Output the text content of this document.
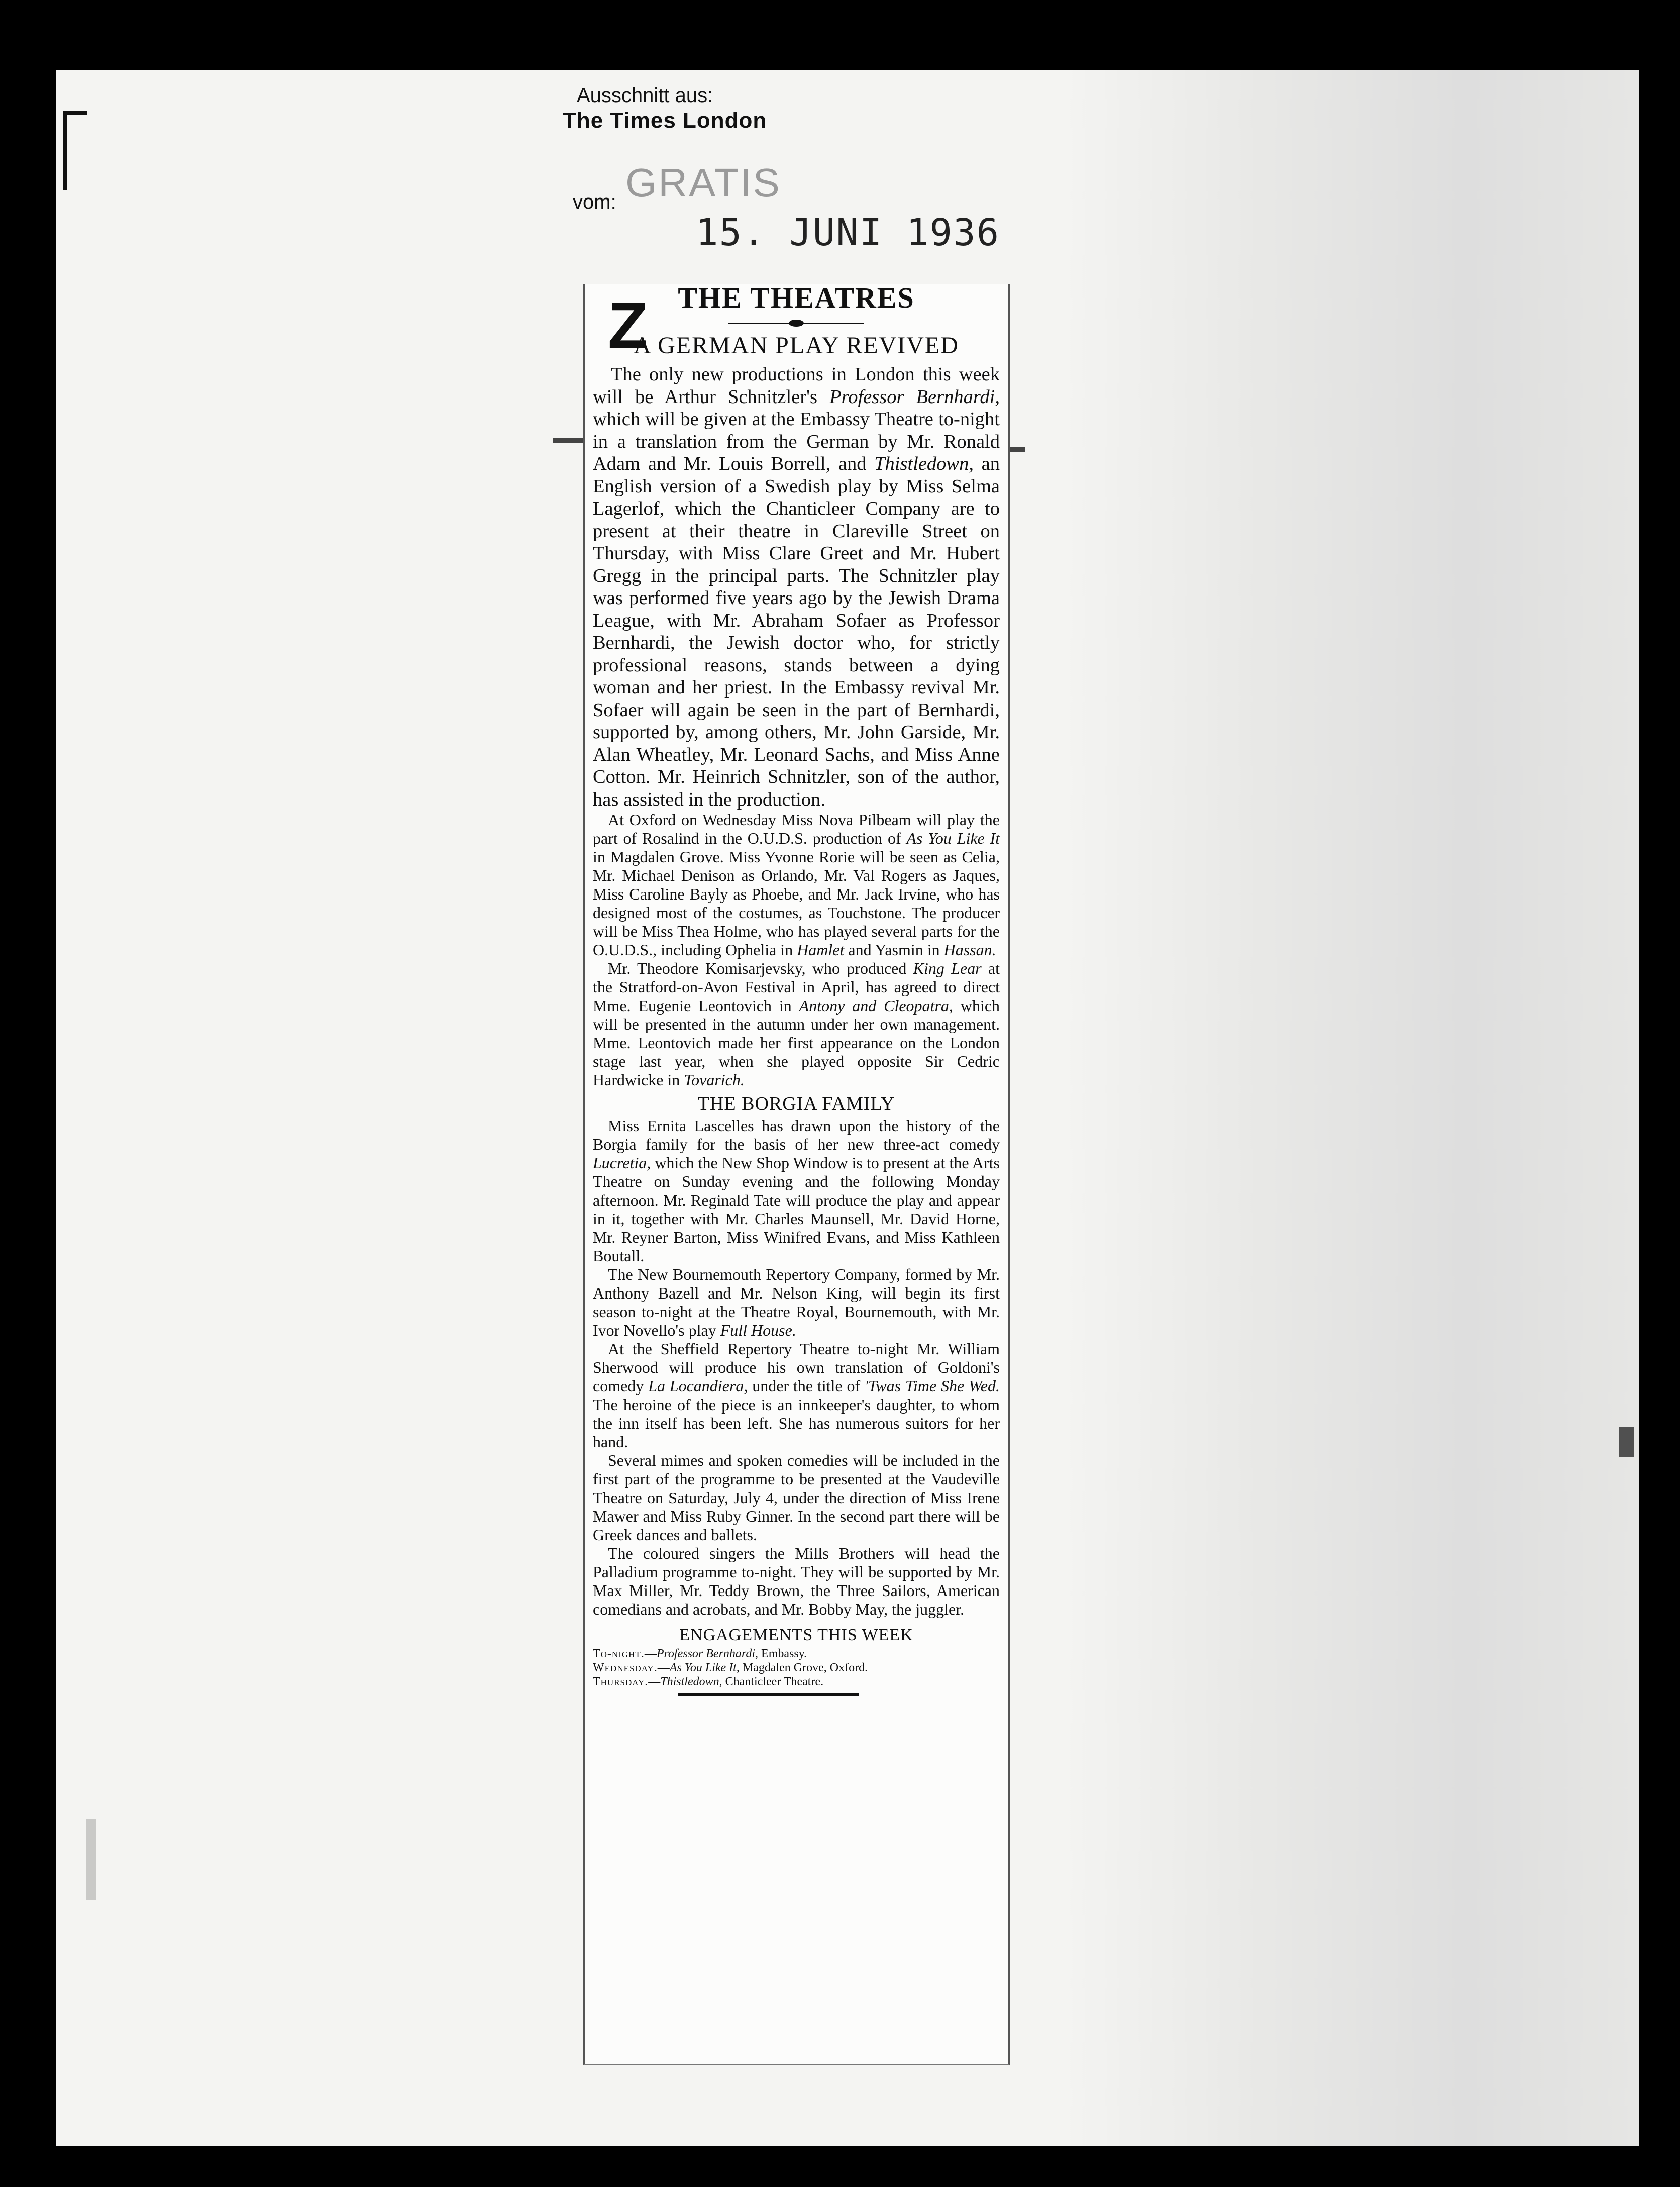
Ausschnitt aus:
The Times London
vom: GRATIS
15. JUNI 1936
THE THEATRES
A GERMAN PLAY REVIVED

The only new productions in London this week will be Arthur Schnitzler's Professor Bernhardi, which will be given at the Embassy Theatre to-night in a translation from the German by Mr. Ronald Adam and Mr. Louis Borrell, and Thistledown, an English version of a Swedish play by Miss Selma Lagerlof, which the Chanticleer Company are to present at their theatre in Clareville Street on Thursday, with Miss Clare Greet and Mr. Hubert Gregg in the principal parts. The Schnitzler play was performed five years ago by the Jewish Drama League, with Mr. Abraham Sofaer as Professor Bernhardi, the Jewish doctor who, for strictly professional reasons, stands between a dying woman and her priest. In the Embassy revival Mr. Sofaer will again be seen in the part of Bernhardi, supported by, among others, Mr. John Garside, Mr. Alan Wheatley, Mr. Leonard Sachs, and Miss Anne Cotton. Mr. Heinrich Schnitzler, son of the author, has assisted in the production.

At Oxford on Wednesday Miss Nova Pilbeam will play the part of Rosalind in the O.U.D.S. production of As You Like It in Magdalen Grove. Miss Yvonne Rorie will be seen as Celia, Mr. Michael Denison as Orlando, Mr. Val Rogers as Jaques, Miss Caroline Bayly as Phoebe, and Mr. Jack Irvine, who has designed most of the costumes, as Touchstone. The producer will be Miss Thea Holme, who has played several parts for the O.U.D.S., including Ophelia in Hamlet and Yasmin in Hassan.

Mr. Theodore Komisarjevsky, who produced King Lear at the Stratford-on-Avon Festival in April, has agreed to direct Mme. Eugenie Leontovich in Antony and Cleopatra, which will be presented in the autumn under her own management. Mme. Leontovich made her first appearance on the London stage last year, when she played opposite Sir Cedric Hardwicke in Tovarich.

THE BORGIA FAMILY

Miss Ernita Lascelles has drawn upon the history of the Borgia family for the basis of her new three-act comedy Lucretia, which the New Shop Window is to present at the Arts Theatre on Sunday evening and the following Monday afternoon. Mr. Reginald Tate will produce the play and appear in it, together with Mr. Charles Maunsell, Mr. David Horne, Mr. Reyner Barton, Miss Winifred Evans, and Miss Kathleen Boutall.

The New Bournemouth Repertory Company, formed by Mr. Anthony Bazell and Mr. Nelson King, will begin its first season to-night at the Theatre Royal, Bournemouth, with Mr. Ivor Novello's play Full House.

At the Sheffield Repertory Theatre to-night Mr. William Sherwood will produce his own translation of Goldoni's comedy La Locandiera, under the title of 'Twas Time She Wed. The heroine of the piece is an innkeeper's daughter, to whom the inn itself has been left. She has numerous suitors for her hand.

Several mimes and spoken comedies will be included in the first part of the programme to be presented at the Vaudeville Theatre on Saturday, July 4, under the direction of Miss Irene Mawer and Miss Ruby Ginner. In the second part there will be Greek dances and ballets.

The coloured singers the Mills Brothers will head the Palladium programme to-night. They will be supported by Mr. Max Miller, Mr. Teddy Brown, the Three Sailors, American comedians and acrobats, and Mr. Bobby May, the juggler.

ENGAGEMENTS THIS WEEK

To-night.—Professor Bernhardi, Embassy.

Wednesday.—As You Like It, Magdalen Grove, Oxford.

Thursday.—Thistledown, Chanticleer Theatre.

Z
